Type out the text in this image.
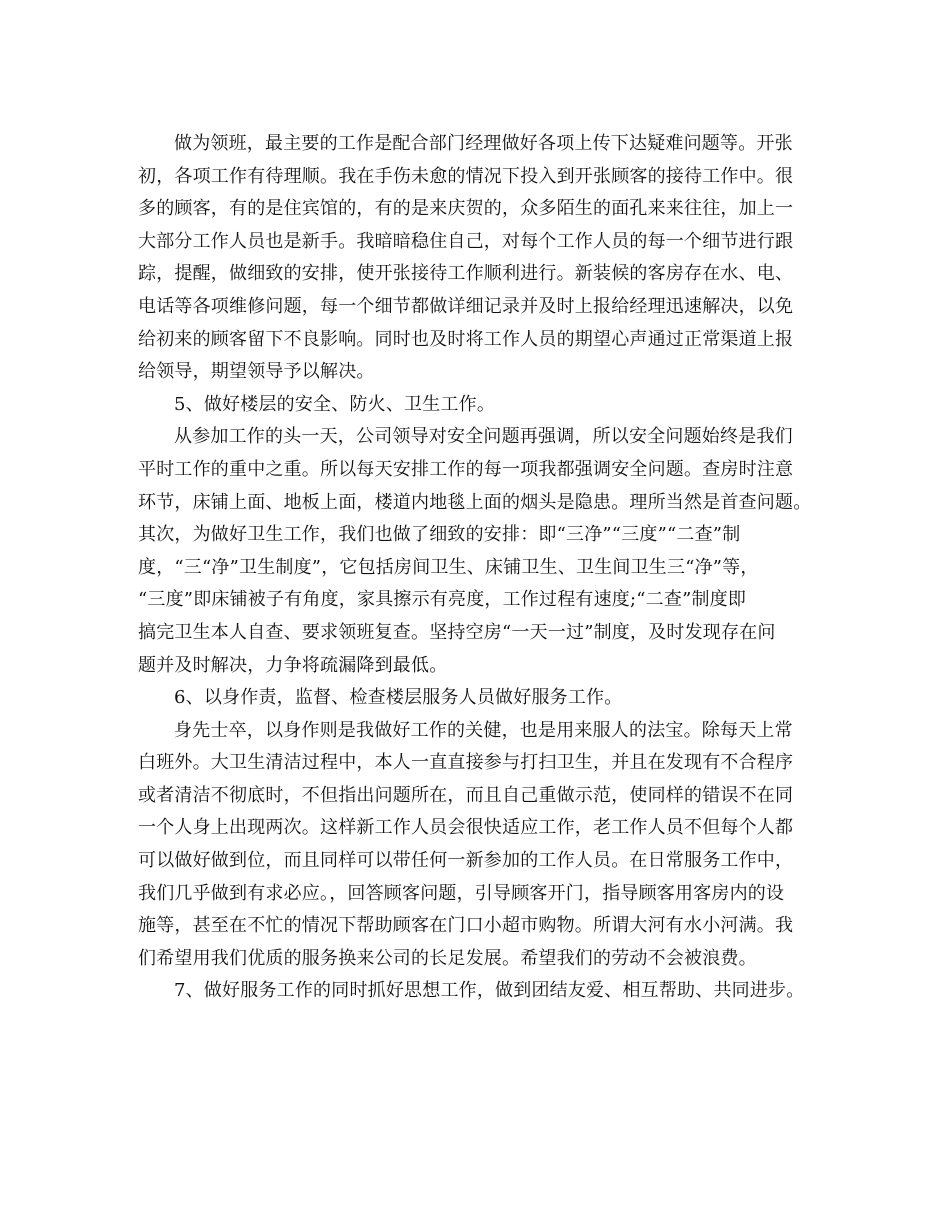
做为领班，最主要的工作是配合部门经理做好各项上传下达疑难问题等。开张
初，各项工作有待理顺。我在手伤未愈的情况下投入到开张顾客的接待工作中。很
多的顾客，有的是住宾馆的，有的是来庆贺的，众多陌生的面孔来来往往，加上一
大部分工作人员也是新手。我暗暗稳住自己，对每个工作人员的每一个细节进行跟
踪，提醒，做细致的安排，使开张接待工作顺利进行。新装候的客房存在水、电、
电话等各项维修问题，每一个细节都做详细记录并及时上报给经理迅速解决，以免
给初来的顾客留下不良影响。同时也及时将工作人员的期望心声通过正常渠道上报
给领导，期望领导予以解决。
5、做好楼层的安全、防火、卫生工作。
从参加工作的头一天，公司领导对安全问题再强调，所以安全问题始终是我们
平时工作的重中之重。所以每天安排工作的每一项我都强调安全问题。查房时注意
环节，床铺上面、地板上面，楼道内地毯上面的烟头是隐患。理所当然是首查问题。
其次，为做好卫生工作，我们也做了细致的安排：即“三净”“三度”“二查”制
度，“三“净”卫生制度”，它包括房间卫生、床铺卫生、卫生间卫生三“净”等，
“三度”即床铺被子有角度，家具擦示有亮度，工作过程有速度;“二查”制度即
搞完卫生本人自查、要求领班复查。坚持空房“一天一过”制度，及时发现存在问
题并及时解决，力争将疏漏降到最低。
6、以身作责，监督、检查楼层服务人员做好服务工作。
身先士卒，以身作则是我做好工作的关健，也是用来服人的法宝。除每天上常
白班外。大卫生清洁过程中，本人一直直接参与打扫卫生，并且在发现有不合程序
或者清洁不彻底时，不但指出问题所在，而且自己重做示范，使同样的错误不在同
一个人身上出现两次。这样新工作人员会很快适应工作，老工作人员不但每个人都
可以做好做到位，而且同样可以带任何一新参加的工作人员。在日常服务工作中，
我们几乎做到有求必应。，回答顾客问题，引导顾客开门，指导顾客用客房内的设
施等，甚至在不忙的情况下帮助顾客在门口小超市购物。所谓大河有水小河满。我
们希望用我们优质的服务换来公司的长足发展。希望我们的劳动不会被浪费。
7、做好服务工作的同时抓好思想工作，做到团结友爱、相互帮助、共同进步。
